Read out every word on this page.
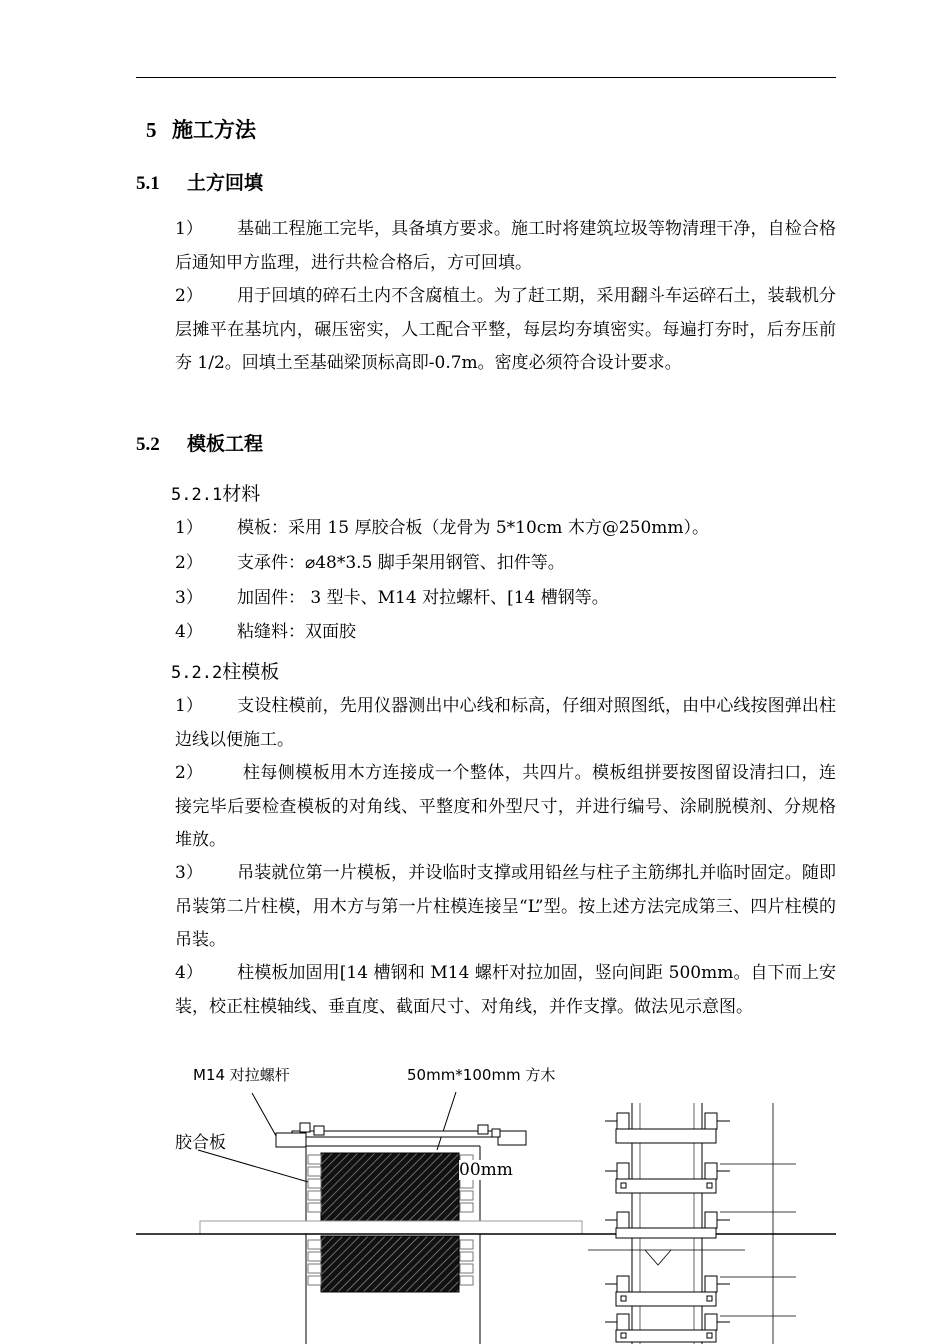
5 施工方法
5.1 土方回填
1） 基础工程施工完毕，具备填方要求。施工时将建筑垃圾等物清理干净，自检合格后通知甲方监理，进行共检合格后，方可回填。
2） 用于回填的碎石土内不含腐植土。为了赶工期，采用翻斗车运碎石土，装载机分层摊平在基坑内，碾压密实，人工配合平整，每层均夯填密实。每遍打夯时，后夯压前夯 1/2。回填土至基础梁顶标高即-0.7m。密度必须符合设计要求。
5.2 模板工程
5.2.1材料
1） 模板：采用 15 厚胶合板（龙骨为 5*10cm 木方@250mm）。
2） 支承件：⌀48*3.5 脚手架用钢管、扣件等。
3） 加固件： 3 型卡、M14 对拉螺杆、[14 槽钢等。
4） 粘缝料：双面胶
5.2.2柱模板
1） 支设柱模前，先用仪器测出中心线和标高，仔细对照图纸，由中心线按图弹出柱边线以便施工。
2） 柱每侧模板用木方连接成一个整体，共四片。模板组拼要按图留设清扫口，连接完毕后要检查模板的对角线、平整度和外型尺寸，并进行编号、涂刷脱模剂、分规格堆放。
3） 吊装就位第一片模板，并设临时支撑或用铅丝与柱子主筋绑扎并临时固定。随即吊装第二片柱模，用木方与第一片柱模连接呈“L”型。按上述方法完成第三、四片柱模的吊装。
4） 柱模板加固用[14 槽钢和 M14 螺杆对拉加固，竖向间距 500mm。自下而上安装，校正柱模轴线、垂直度、截面尺寸、对角线，并作支撑。做法见示意图。
M14 对拉螺杆	50mm*100mm 方木
胶合板
00mm
